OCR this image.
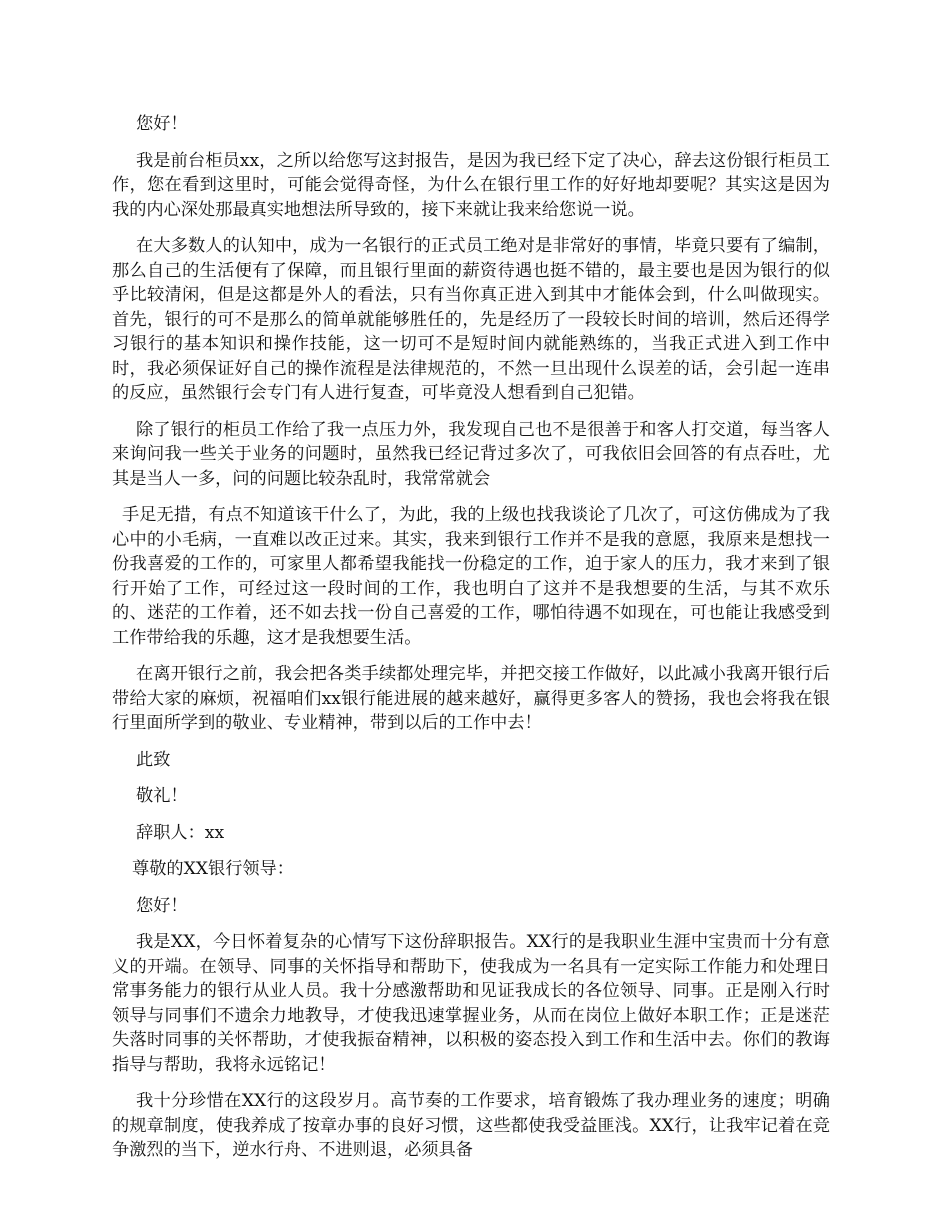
您好！

我是前台柜员xx，之所以给您写这封报告，是因为我已经下定了决心，辞去这份银行柜员工作，您在看到这里时，可能会觉得奇怪，为什么在银行里工作的好好地却要呢？其实这是因为我的内心深处那最真实地想法所导致的，接下来就让我来给您说一说。

在大多数人的认知中，成为一名银行的正式员工绝对是非常好的事情，毕竟只要有了编制，那么自己的生活便有了保障，而且银行里面的薪资待遇也挺不错的，最主要也是因为银行的似乎比较清闲，但是这都是外人的看法，只有当你真正进入到其中才能体会到，什么叫做现实。首先，银行的可不是那么的简单就能够胜任的，先是经历了一段较长时间的培训，然后还得学习银行的基本知识和操作技能，这一切可不是短时间内就能熟练的，当我正式进入到工作中时，我必须保证好自己的操作流程是法律规范的，不然一旦出现什么误差的话，会引起一连串的反应，虽然银行会专门有人进行复查，可毕竟没人想看到自己犯错。

除了银行的柜员工作给了我一点压力外，我发现自己也不是很善于和客人打交道，每当客人来询问我一些关于业务的问题时，虽然我已经记背过多次了，可我依旧会回答的有点吞吐，尤其是当人一多，问的问题比较杂乱时，我常常就会

手足无措，有点不知道该干什么了，为此，我的上级也找我谈论了几次了，可这仿佛成为了我心中的小毛病，一直难以改正过来。其实，我来到银行工作并不是我的意愿，我原来是想找一份我喜爱的工作的，可家里人都希望我能找一份稳定的工作，迫于家人的压力，我才来到了银行开始了工作，可经过这一段时间的工作，我也明白了这并不是我想要的生活，与其不欢乐的、迷茫的工作着，还不如去找一份自己喜爱的工作，哪怕待遇不如现在，可也能让我感受到工作带给我的乐趣，这才是我想要生活。

在离开银行之前，我会把各类手续都处理完毕，并把交接工作做好，以此减小我离开银行后带给大家的麻烦，祝福咱们xx银行能进展的越来越好，赢得更多客人的赞扬，我也会将我在银行里面所学到的敬业、专业精神，带到以后的工作中去！

此致

敬礼！

辞职人：xx

尊敬的XX银行领导：

您好！

我是XX，今日怀着复杂的心情写下这份辞职报告。XX行的是我职业生涯中宝贵而十分有意义的开端。在领导、同事的关怀指导和帮助下，使我成为一名具有一定实际工作能力和处理日常事务能力的银行从业人员。我十分感激帮助和见证我成长的各位领导、同事。正是刚入行时领导与同事们不遗余力地教导，才使我迅速掌握业务，从而在岗位上做好本职工作；正是迷茫失落时同事的关怀帮助，才使我振奋精神，以积极的姿态投入到工作和生活中去。你们的教诲指导与帮助，我将永远铭记！

我十分珍惜在XX行的这段岁月。高节奏的工作要求，培育锻炼了我办理业务的速度；明确的规章制度，使我养成了按章办事的良好习惯，这些都使我受益匪浅。XX行，让我牢记着在竞争激烈的当下，逆水行舟、不进则退，必须具备
